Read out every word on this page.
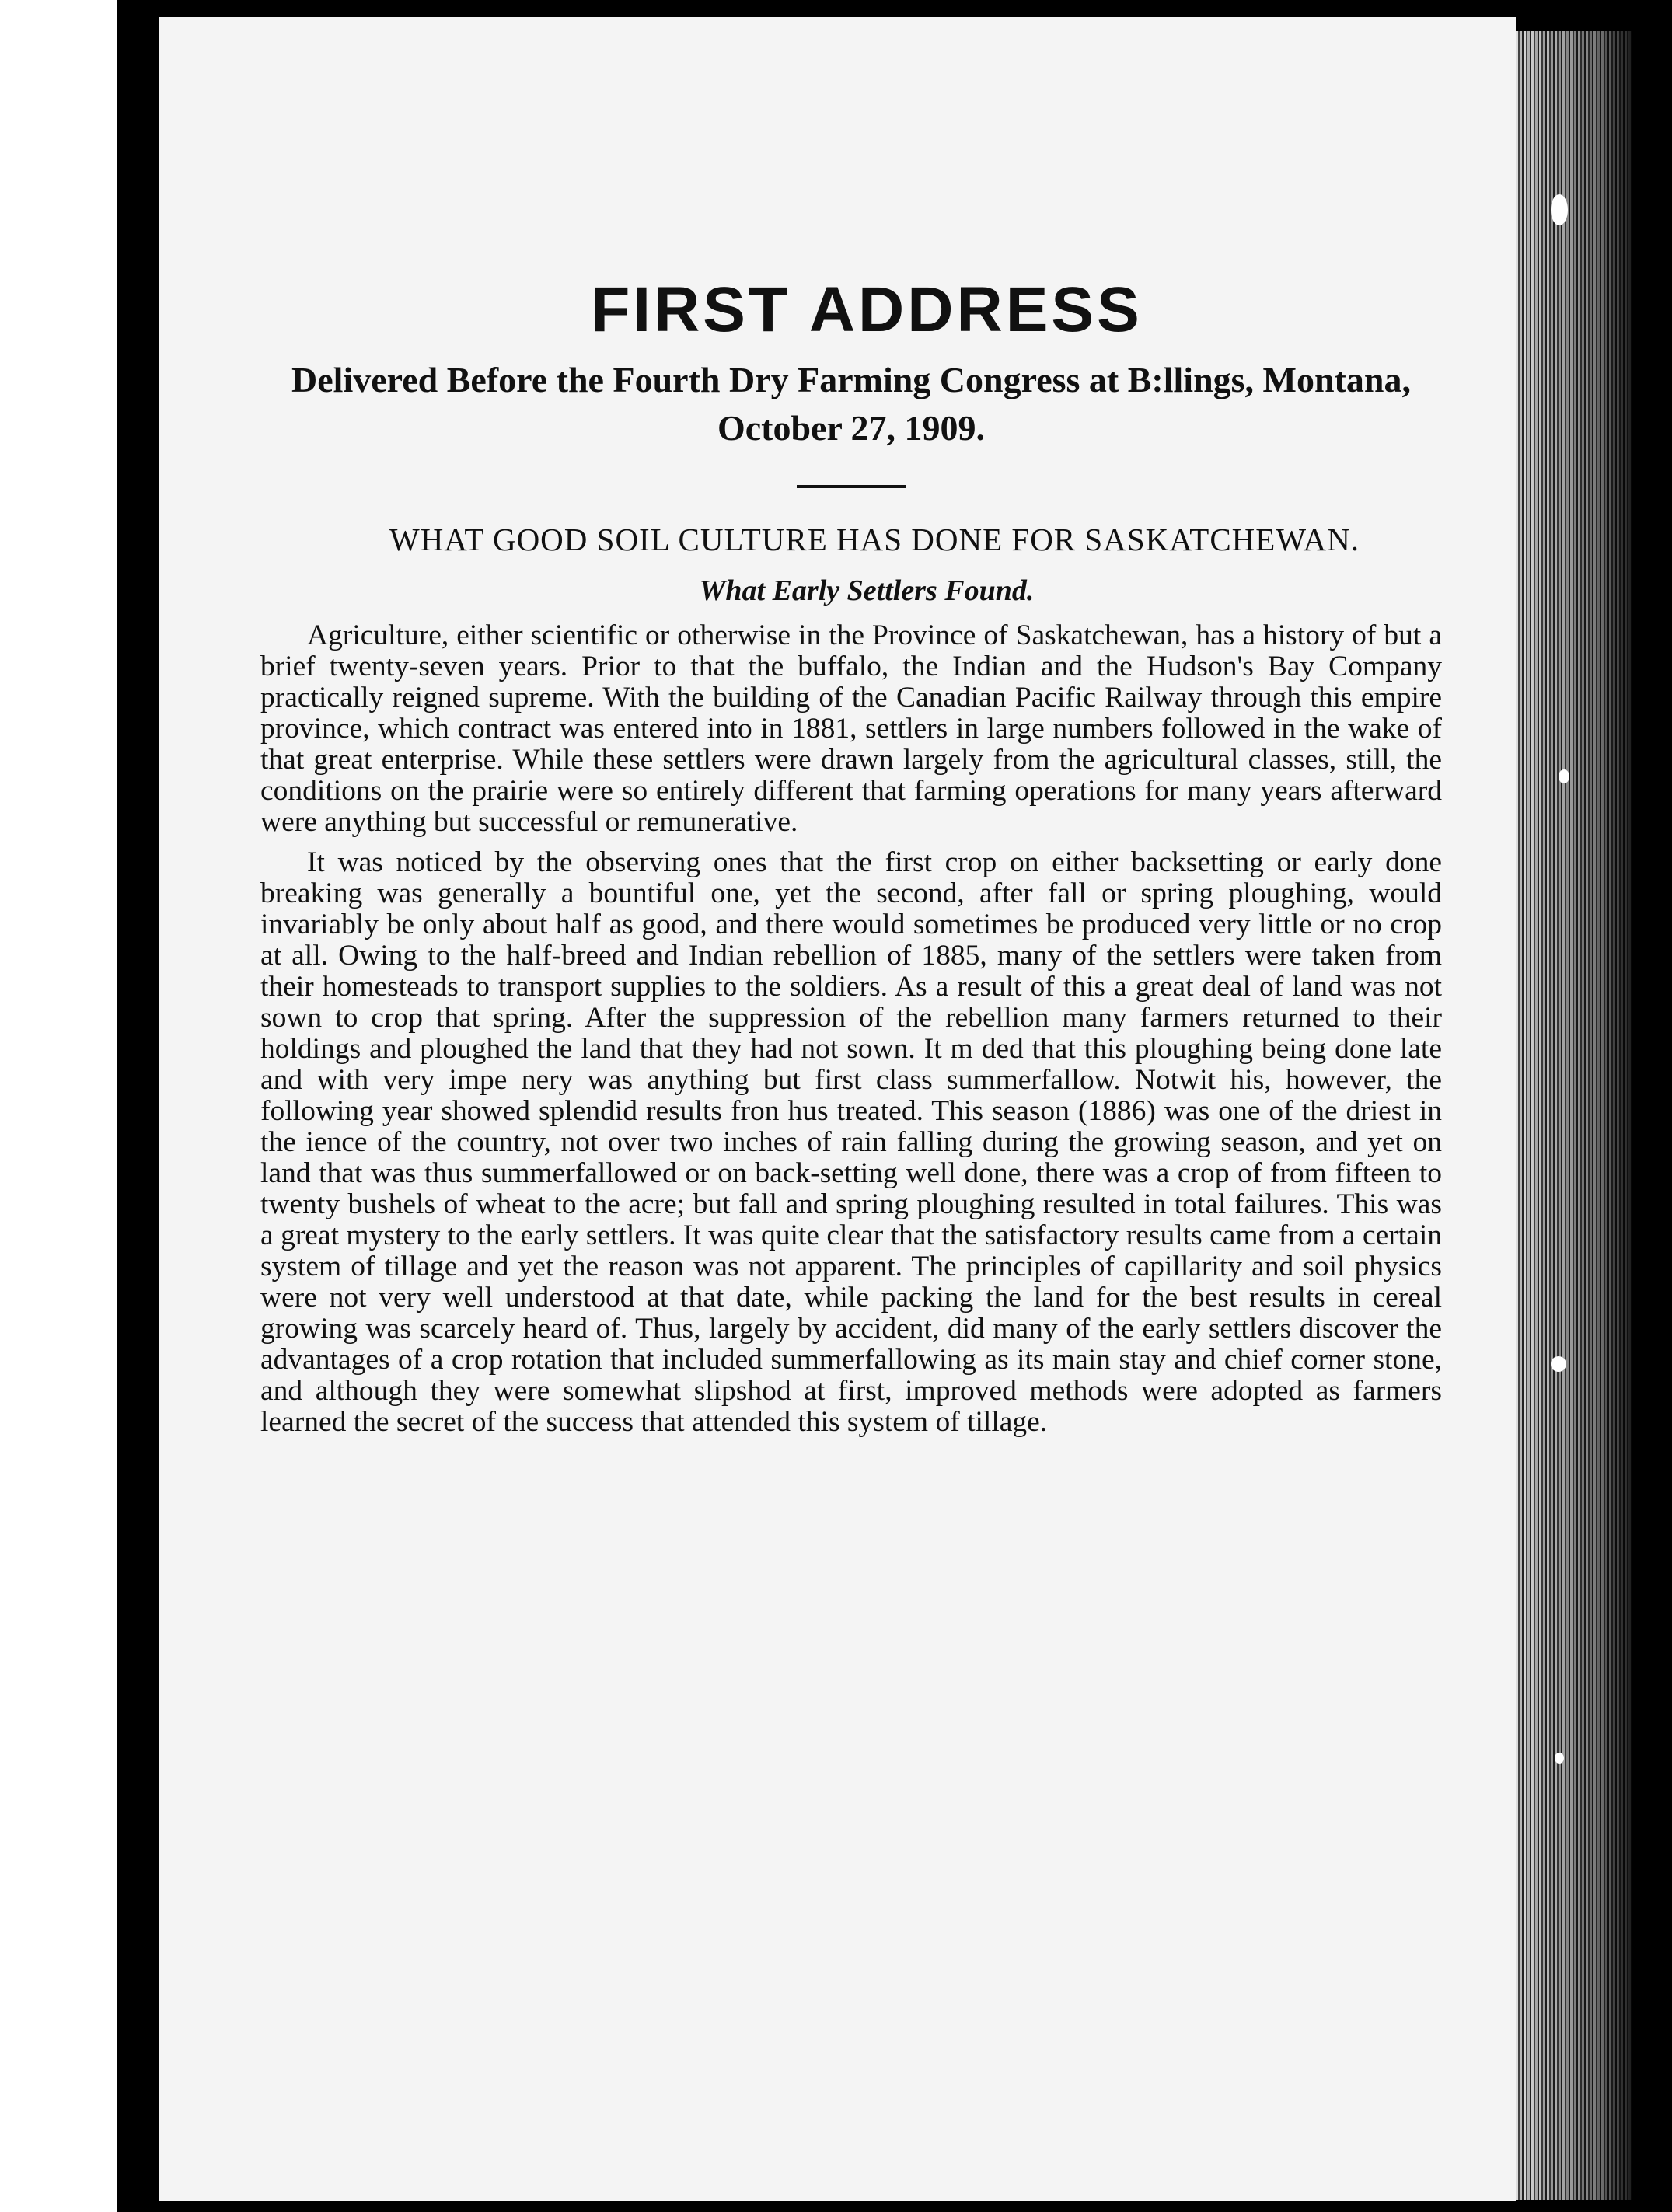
FIRST ADDRESS

Delivered Before the Fourth Dry Farming Congress at B:llings, Montana, October 27, 1909.

WHAT GOOD SOIL CULTURE HAS DONE FOR SASKATCHEWAN.

What Early Settlers Found.

Agriculture, either scientific or otherwise in the Province of Saskatchewan, has a history of but a brief twenty-seven years. Prior to that the buffalo, the Indian and the Hudson's Bay Company practically reigned supreme. With the building of the Canadian Pacific Railway through this empire province, which contract was entered into in 1881, settlers in large numbers followed in the wake of that great enterprise. While these settlers were drawn largely from the agricultural classes, still, the conditions on the prairie were so entirely different that farming operations for many years afterward were anything but successful or remunerative.

It was noticed by the observing ones that the first crop on either backsetting or early done breaking was generally a bountiful one, yet the second, after fall or spring ploughing, would invariably be only about half as good, and there would sometimes be produced very little or no crop at all. Owing to the half-breed and Indian rebellion of 1885, many of the settlers were taken from their homesteads to transport supplies to the soldiers. As a result of this a great deal of land was not sown to crop that spring. After the suppression of the rebellion many farmers returned to their holdings and ploughed the land that they had not sown. It m ded that this ploughing being done late and with very impe nery was anything but first class summerfallow. Notwit his, however, the following year showed splendid results fron hus treated. This season (1886) was one of the driest in the ience of the country, not over two inches of rain falling during the growing season, and yet on land that was thus summerfallowed or on back-setting well done, there was a crop of from fifteen to twenty bushels of wheat to the acre; but fall and spring ploughing resulted in total failures. This was a great mystery to the early settlers. It was quite clear that the satisfactory results came from a certain system of tillage and yet the reason was not apparent. The principles of capillarity and soil physics were not very well understood at that date, while packing the land for the best results in cereal growing was scarcely heard of. Thus, largely by accident, did many of the early settlers discover the advantages of a crop rotation that included summerfallowing as its main stay and chief corner stone, and although they were somewhat slipshod at first, improved methods were adopted as farmers learned the secret of the success that attended this system of tillage.
